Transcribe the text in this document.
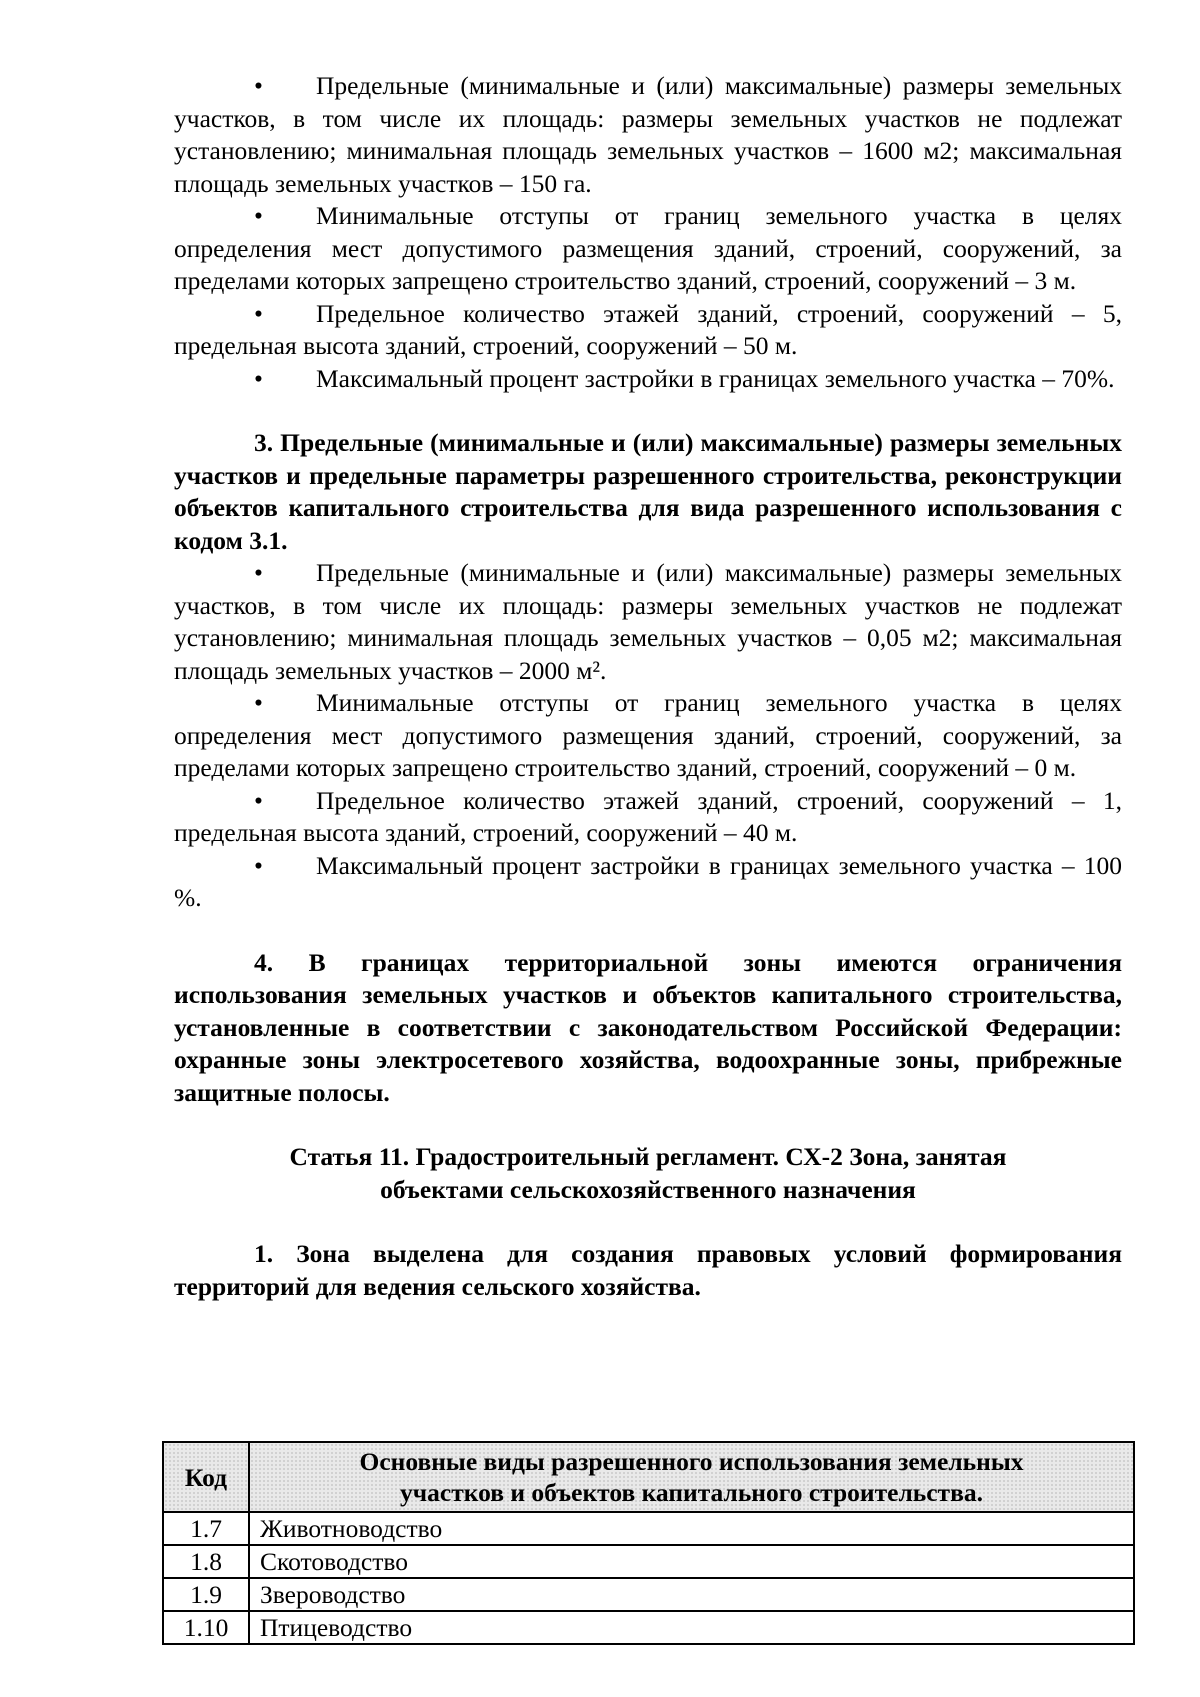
• Предельные (минимальные и (или) максимальные) размеры земельных участков, в том числе их площадь: размеры земельных участков не подлежат установлению; минимальная площадь земельных участков – 1600 м2; максимальная площадь земельных участков – 150 га.

• Минимальные отступы от границ земельного участка в целях определения мест допустимого размещения зданий, строений, сооружений, за пределами которых запрещено строительство зданий, строений, сооружений – 3 м.

• Предельное количество этажей зданий, строений, сооружений – 5, предельная высота зданий, строений, сооружений – 50 м.

• Максимальный процент застройки в границах земельного участка – 70%.

3. Предельные (минимальные и (или) максимальные) размеры земельных участков и предельные параметры разрешенного строительства, реконструкции объектов капитального строительства для вида разрешенного использования с кодом 3.1.

• Предельные (минимальные и (или) максимальные) размеры земельных участков, в том числе их площадь: размеры земельных участков не подлежат установлению; минимальная площадь земельных участков – 0,05 м2; максимальная площадь земельных участков – 2000 м².

• Минимальные отступы от границ земельного участка в целях определения мест допустимого размещения зданий, строений, сооружений, за пределами которых запрещено строительство зданий, строений, сооружений – 0 м.

• Предельное количество этажей зданий, строений, сооружений – 1, предельная высота зданий, строений, сооружений – 40 м.

• Максимальный процент застройки в границах земельного участка – 100 %.

4. В границах территориальной зоны имеются ограничения использования земельных участков и объектов капитального строительства, установленные в соответствии с законодательством Российской Федерации: охранные зоны электросетевого хозяйства, водоохранные зоны, прибрежные защитные полосы.

Статья 11. Градостроительный регламент. СХ-2 Зона, занятая
объектами сельскохозяйственного назначения

1. Зона выделена для создания правовых условий формирования территорий для ведения сельского хозяйства.

Код	Основные виды разрешенного использования земельных
участков и объектов капитального строительства.
1.7	Животноводство
1.8	Скотоводство
1.9	Звероводство
1.10	Птицеводство
